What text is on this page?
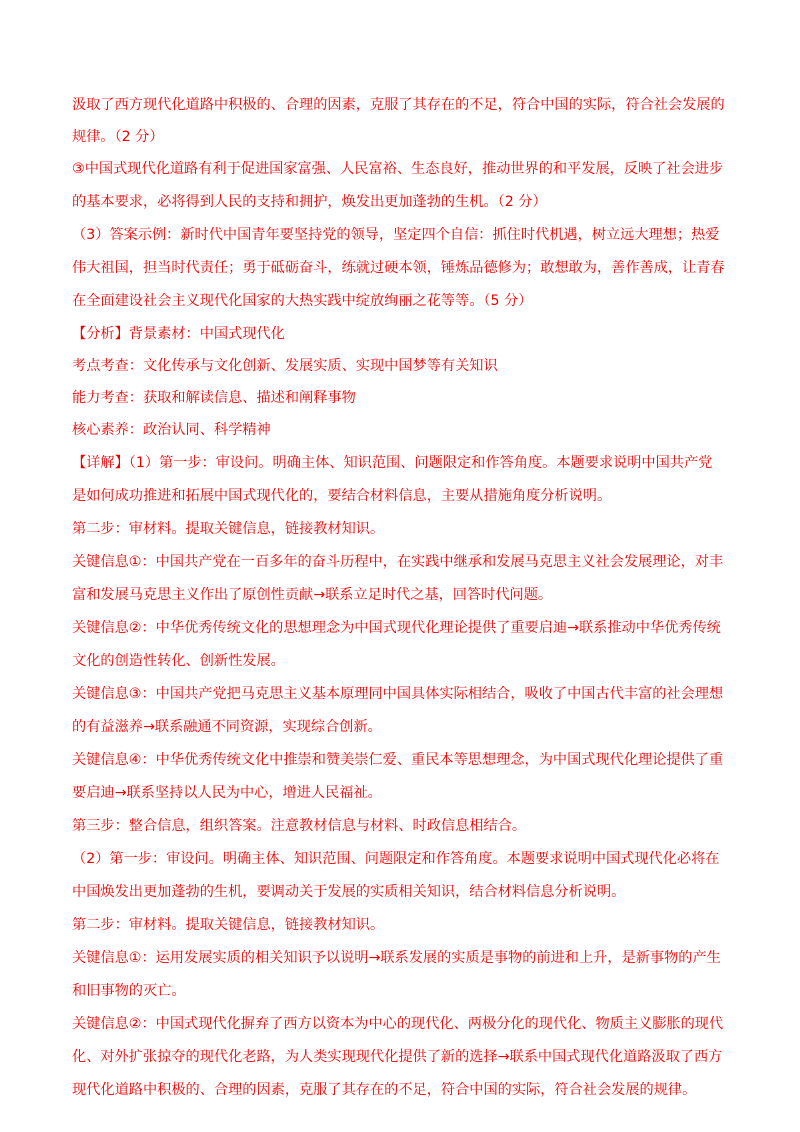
汲取了西方现代化道路中积极的、合理的因素，克服了其存在的不足，符合中国的实际，符合社会发展的
规律。（2 分）
③中国式现代化道路有利于促进国家富强、人民富裕、生态良好，推动世界的和平发展，反映了社会进步
的基本要求，必将得到人民的支持和拥护，焕发出更加蓬勃的生机。（2 分）
（3）答案示例：新时代中国青年要坚持党的领导，坚定四个自信：抓住时代机遇，树立远大理想；热爱
伟大祖国，担当时代责任；勇于砥砺奋斗，练就过硬本领，锤炼品德修为；敢想敢为，善作善成，让青春
在全面建设社会主义现代化国家的大热实践中绽放绚丽之花等等。（5 分）
【分析】背景素材：中国式现代化
考点考查：文化传承与文化创新、发展实质、实现中国梦等有关知识
能力考查：获取和解读信息、描述和阐释事物
核心素养：政治认同、科学精神
【详解】（1）第一步：审设问。明确主体、知识范围、问题限定和作答角度。本题要求说明中国共产党
是如何成功推进和拓展中国式现代化的，要结合材料信息，主要从措施角度分析说明。
第二步：审材料。提取关键信息，链接教材知识。
关键信息①：中国共产党在一百多年的奋斗历程中，在实践中继承和发展马克思主义社会发展理论，对丰
富和发展马克思主义作出了原创性贡献→联系立足时代之基，回答时代问题。
关键信息②：中华优秀传统文化的思想理念为中国式现代化理论提供了重要启迪→联系推动中华优秀传统
文化的创造性转化、创新性发展。
关键信息③：中国共产党把马克思主义基本原理同中国具体实际相结合，吸收了中国古代丰富的社会理想
的有益滋养→联系融通不同资源，实现综合创新。
关键信息④：中华优秀传统文化中推崇和赞美崇仁爱、重民本等思想理念，为中国式现代化理论提供了重
要启迪→联系坚持以人民为中心，增进人民福祉。
第三步：整合信息，组织答案。注意教材信息与材料、时政信息相结合。
（2）第一步：审设问。明确主体、知识范围、问题限定和作答角度。本题要求说明中国式现代化必将在
中国焕发出更加蓬勃的生机，要调动关于发展的实质相关知识，结合材料信息分析说明。
第二步：审材料。提取关键信息，链接教材知识。
关键信息①：运用发展实质的相关知识予以说明→联系发展的实质是事物的前进和上升，是新事物的产生
和旧事物的灭亡。
关键信息②：中国式现代化摒弃了西方以资本为中心的现代化、两极分化的现代化、物质主义膨胀的现代
化、对外扩张掠夺的现代化老路，为人类实现现代化提供了新的选择→联系中国式现代化道路汲取了西方
现代化道路中积极的、合理的因素，克服了其存在的不足，符合中国的实际，符合社会发展的规律。
